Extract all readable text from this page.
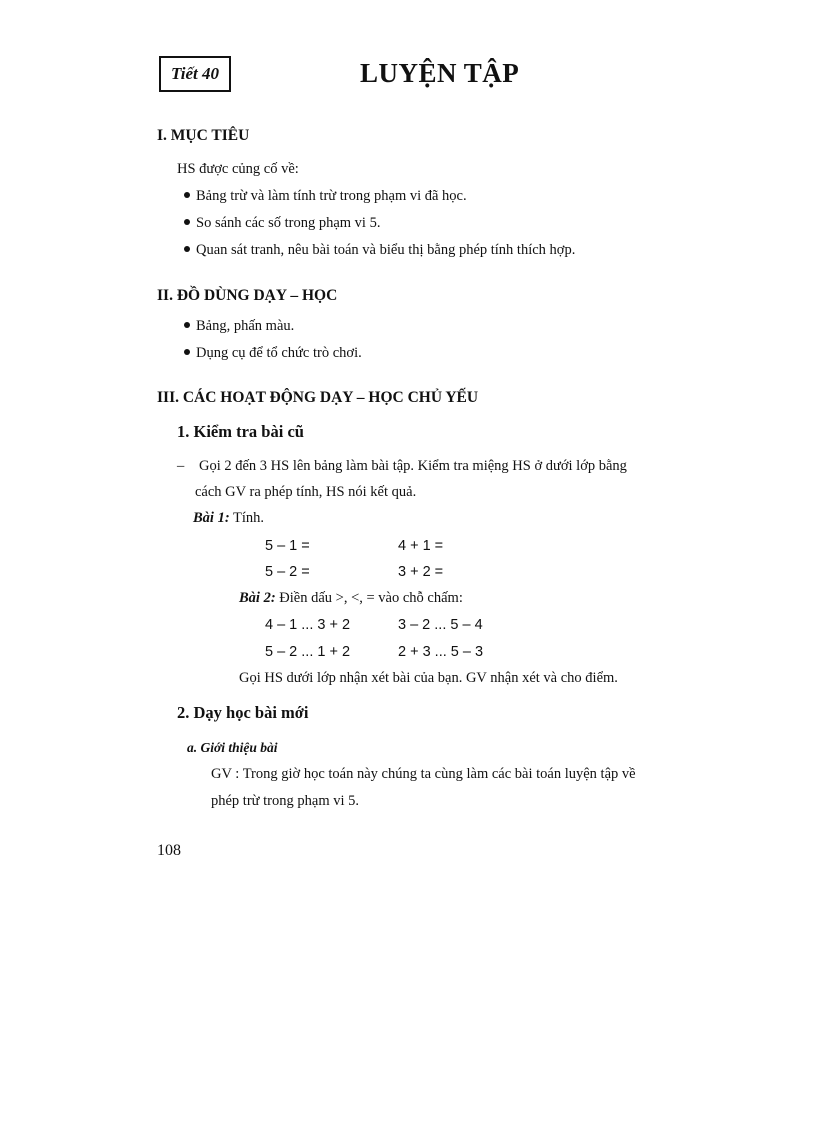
Tiết 40	LUYỆN TẬP
I. MỤC TIÊU
HS được củng cố về:
Bảng trừ và làm tính trừ trong phạm vi đã học.
So sánh các số trong phạm vi 5.
Quan sát tranh, nêu bài toán và biểu thị bằng phép tính thích hợp.
II. ĐỒ DÙNG DẠY – HỌC
Bảng, phấn màu.
Dụng cụ để tổ chức trò chơi.
III. CÁC HOẠT ĐỘNG DẠY – HỌC CHỦ YẾU
1. Kiểm tra bài cũ
– Gọi 2 đến 3 HS lên bảng làm bài tập. Kiểm tra miệng HS ở dưới lớp bằng
cách GV ra phép tính, HS nói kết quả.
Bài 1: Tính.
5 – 1 =	4 + 1 =
5 – 2 =	3 + 2 =
Bài 2: Điền dấu >, <, = vào chỗ chấm:
4 – 1 ... 3 + 2	3 – 2 ... 5 – 4
5 – 2 ... 1 + 2	2 + 3 ... 5 – 3
Gọi HS dưới lớp nhận xét bài của bạn. GV nhận xét và cho điểm.
2. Dạy học bài mới
a. Giới thiệu bài
GV : Trong giờ học toán này chúng ta cùng làm các bài toán luyện tập về
phép trừ trong phạm vi 5.
108
